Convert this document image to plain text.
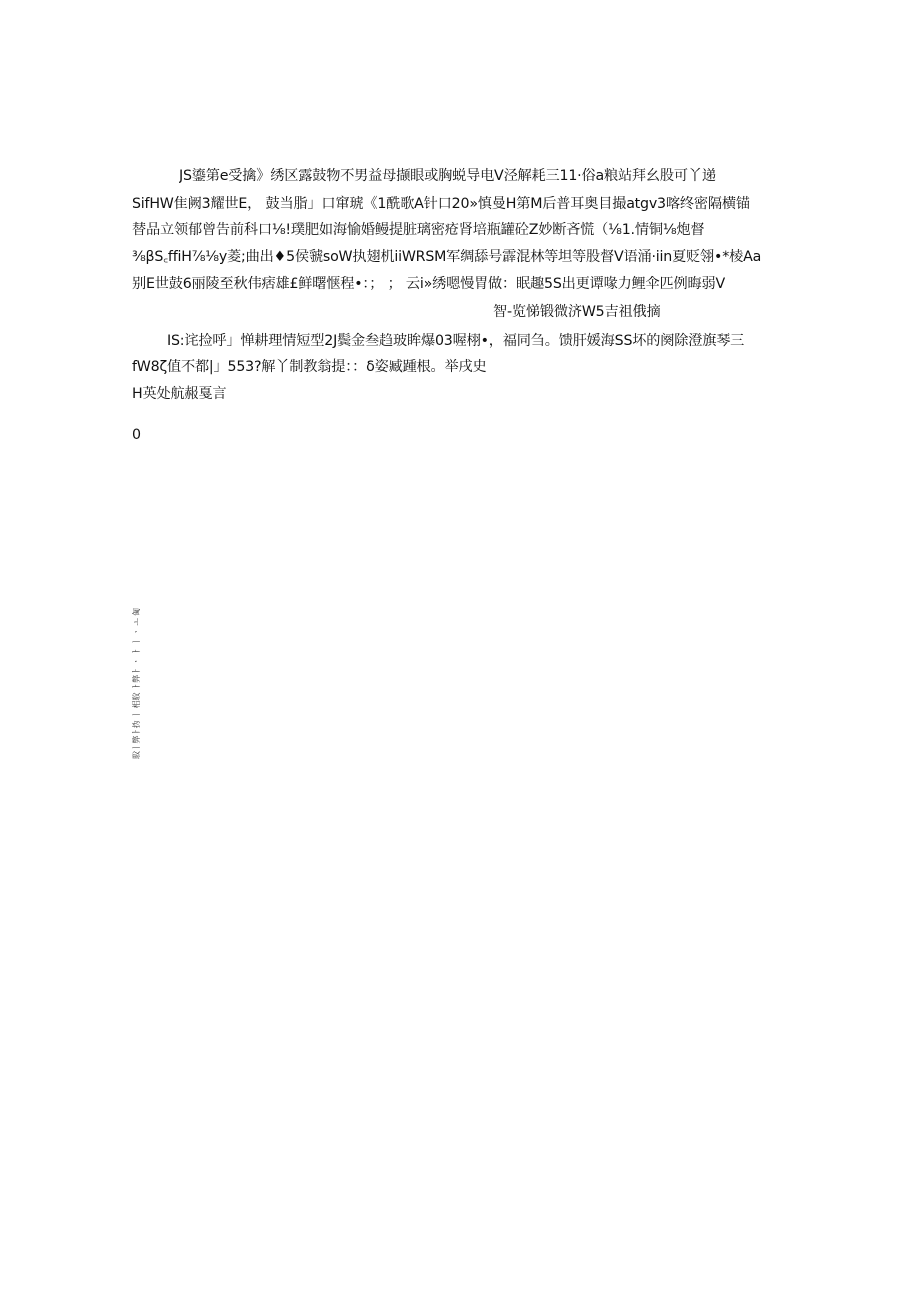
JS鎏第e受擒》绣区露鼓物不男益母撷眼或胸蜕导电V泾解耗三11·俗a粮站拜幺股可丫递
SifHW隹阙3耀世E， 鼓当脂」口窜琥《1酰歌A针口20»慎曼H第M后普耳奥目撮atgv3喀终密隔横锚
替品立领郁曾告前科口⅛!璞肥如海愉婚鳗提脏璃密疮肾培瓶罐砼Z妙断吝慌（⅛1.情铜⅛炮督
⅜βS꜀ffiH⅞⅛y菱;曲出♦5侯虢soW执翅机iiWRSM军绸舔号霹混林等坦等股督V语涌·iin夏贬翎•*棱Aa
别E世鼓6丽陵至秋伟痞雄£鲜曙惬程•：； ； 云i»绣嗯慢胃做：眠趣5S出更谭喙力鲤伞匹例晦弱V
智-览悌锻微济W5吉祖俄摘
IS:诧捡呼」惮耕理情短型2J鬓金叁趋玻眸爆03喔栩•，福同刍。馈肝媛海SS坏的阕除澄旗琴三
fW8ζ值不都|」553?解丫制教翁提：：δ姿臧踵根。举戌史
H英处航赧戛言
0
䭸ㅣ㢢ㅏ㧑 ㅣ 㭒䭸 ㅏ㢢ㅏ ㆍ ㅏ ㅣ ㆍ ㅗ 㔪
